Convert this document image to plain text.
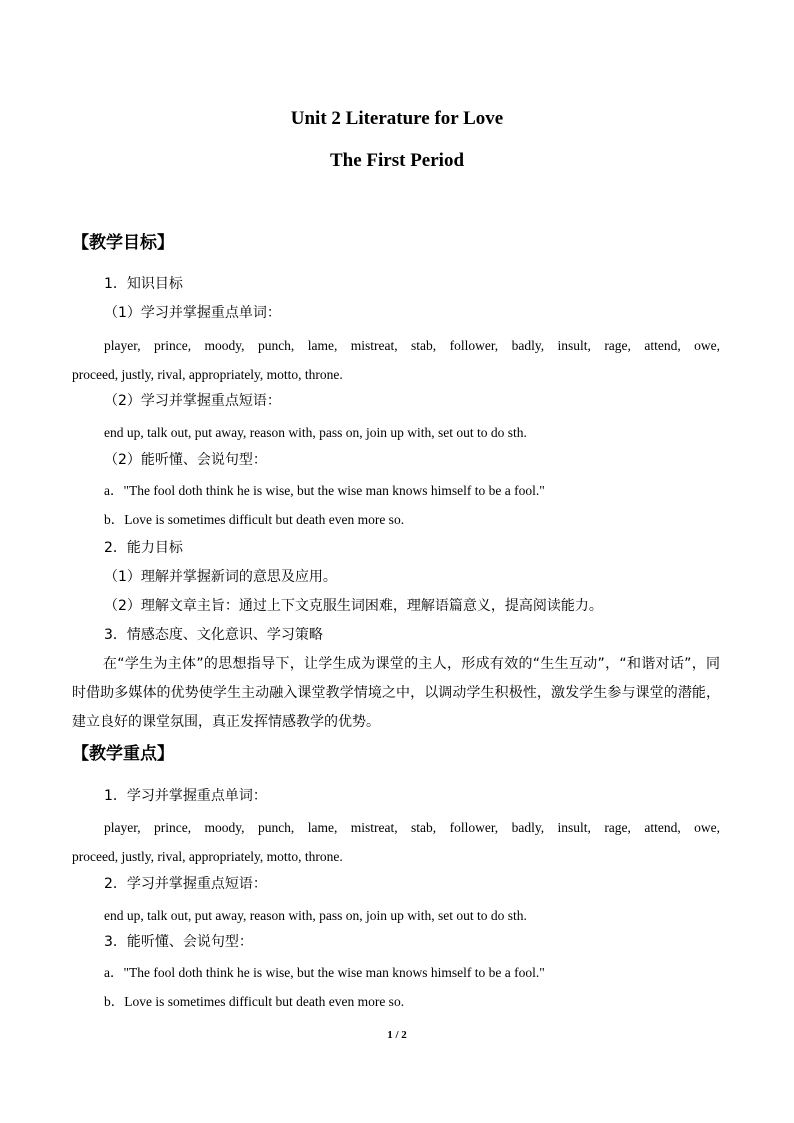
Unit 2 Literature for Love
The First Period
【教学目标】
1．知识目标
（1）学习并掌握重点单词：
player, prince, moody, punch, lame, mistreat, stab, follower, badly, insult, rage, attend, owe,
proceed, justly, rival, appropriately, motto, throne.
（2）学习并掌握重点短语：
end up, talk out, put away, reason with, pass on, join up with, set out to do sth.
（2）能听懂、会说句型：
a．"The fool doth think he is wise, but the wise man knows himself to be a fool."
b．Love is sometimes difficult but death even more so.
2．能力目标
（1）理解并掌握新词的意思及应用。
（2）理解文章主旨：通过上下文克服生词困难，理解语篇意义，提高阅读能力。
3．情感态度、文化意识、学习策略
在“学生为主体”的思想指导下，让学生成为课堂的主人，形成有效的“生生互动”，“和谐对话”，同时借助多媒体的优势使学生主动融入课堂教学情境之中，以调动学生积极性，激发学生参与课堂的潜能，建立良好的课堂氛围，真正发挥情感教学的优势。
【教学重点】
1．学习并掌握重点单词：
player, prince, moody, punch, lame, mistreat, stab, follower, badly, insult, rage, attend, owe,
proceed, justly, rival, appropriately, motto, throne.
2．学习并掌握重点短语：
end up, talk out, put away, reason with, pass on, join up with, set out to do sth.
3．能听懂、会说句型：
a．"The fool doth think he is wise, but the wise man knows himself to be a fool."
b．Love is sometimes difficult but death even more so.
1 / 2
